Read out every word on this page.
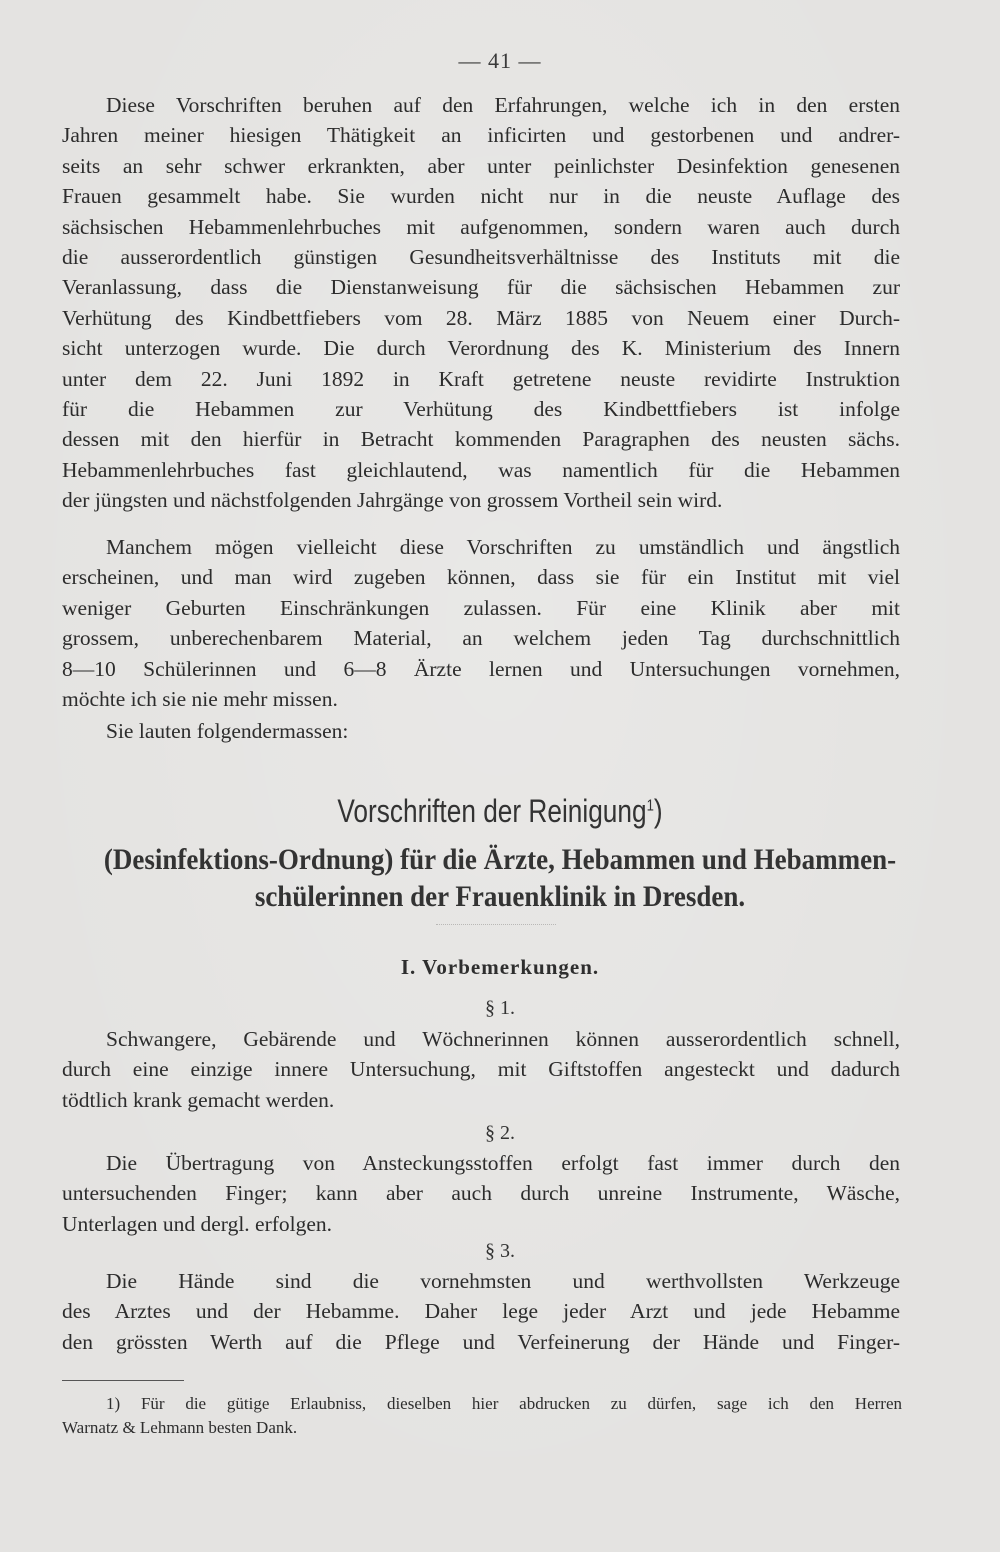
— 41 —
Diese Vorschriften beruhen auf den Erfahrungen, welche ich in den ersten
Jahren meiner hiesigen Thätigkeit an inficirten und gestorbenen und andrer-
seits an sehr schwer erkrankten, aber unter peinlichster Desinfektion genesenen
Frauen gesammelt habe. Sie wurden nicht nur in die neuste Auflage des
sächsischen Hebammenlehrbuches mit aufgenommen, sondern waren auch durch
die ausserordentlich günstigen Gesundheitsverhältnisse des Instituts mit die
Veranlassung, dass die Dienstanweisung für die sächsischen Hebammen zur
Verhütung des Kindbettfiebers vom 28. März 1885 von Neuem einer Durch-
sicht unterzogen wurde. Die durch Verordnung des K. Ministerium des Innern
unter dem 22. Juni 1892 in Kraft getretene neuste revidirte Instruktion
für die Hebammen zur Verhütung des Kindbettfiebers ist infolge
dessen mit den hierfür in Betracht kommenden Paragraphen des neusten sächs.
Hebammenlehrbuches fast gleichlautend, was namentlich für die Hebammen
der jüngsten und nächstfolgenden Jahrgänge von grossem Vortheil sein wird.
Manchem mögen vielleicht diese Vorschriften zu umständlich und ängstlich
erscheinen, und man wird zugeben können, dass sie für ein Institut mit viel
weniger Geburten Einschränkungen zulassen. Für eine Klinik aber mit
grossem, unberechenbarem Material, an welchem jeden Tag durchschnittlich
8—10 Schülerinnen und 6—8 Ärzte lernen und Untersuchungen vornehmen,
möchte ich sie nie mehr missen.
Sie lauten folgendermassen:
Vorschriften der Reinigung$^1$)
(Desinfektions-Ordnung) für die Ärzte, Hebammen und Hebammen-
schülerinnen der Frauenklinik in Dresden.
I. Vorbemerkungen.
§ 1.
Schwangere, Gebärende und Wöchnerinnen können ausserordentlich schnell,
durch eine einzige innere Untersuchung, mit Giftstoffen angesteckt und dadurch
tödtlich krank gemacht werden.
§ 2.
Die Übertragung von Ansteckungsstoffen erfolgt fast immer durch den
untersuchenden Finger; kann aber auch durch unreine Instrumente, Wäsche,
Unterlagen und dergl. erfolgen.
§ 3.
Die Hände sind die vornehmsten und werthvollsten Werkzeuge
des Arztes und der Hebamme. Daher lege jeder Arzt und jede Hebamme
den grössten Werth auf die Pflege und Verfeinerung der Hände und Finger-
1) Für die gütige Erlaubniss, dieselben hier abdrucken zu dürfen, sage ich den Herren
Warnatz & Lehmann besten Dank.
